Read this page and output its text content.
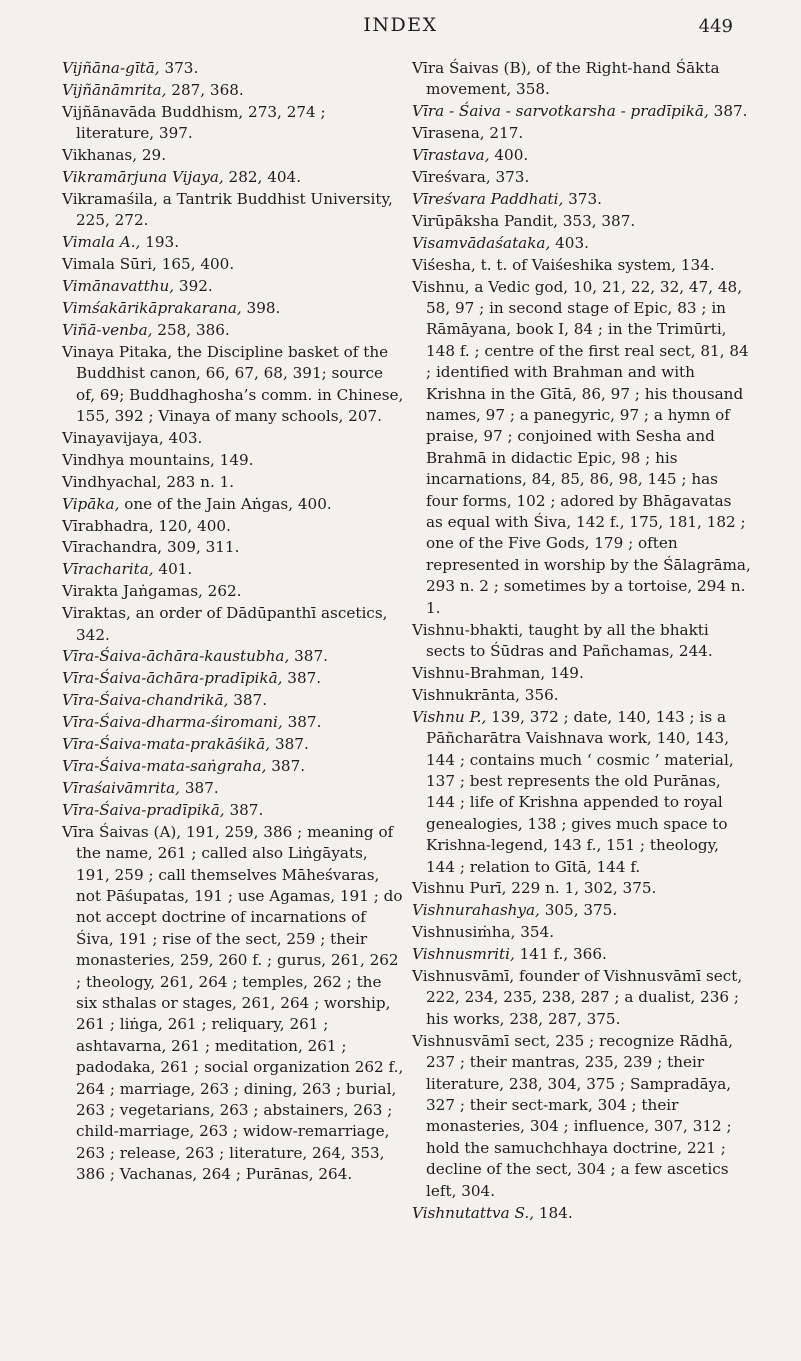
INDEX	449
Vijñāna-gītā, 373.
Vijñānāmrita, 287, 368.
Vijñānavāda Buddhism, 273, 274 ; literature, 397.
Vikhanas, 29.
Vikramārjuna Vijaya, 282, 404.
Vikramaśila, a Tantrik Buddhist University, 225, 272.
Vimala A., 193.
Vimala Sūri, 165, 400.
Vimānavatthu, 392.
Vimśakārikāprakarana, 398.
Viñā-venba, 258, 386.
Vinaya Pitaka, the Discipline basket of the Buddhist canon, 66, 67, 68, 391; source of, 69; Buddhaghosha’s comm. in Chinese, 155, 392 ; Vinaya of many schools, 207.
Vinayavijaya, 403.
Vindhya mountains, 149.
Vindhyachal, 283 n. 1.
Vipāka, one of the Jain Aṅgas, 400.
Vīrabhadra, 120, 400.
Vīrachandra, 309, 311.
Vīracharita, 401.
Virakta Jaṅgamas, 262.
Viraktas, an order of Dādūpanthī ascetics, 342.
Vīra-Śaiva-āchāra-kaustubha, 387.
Vīra-Śaiva-āchāra-pradīpikā, 387.
Vīra-Śaiva-chandrikā, 387.
Vīra-Śaiva-dharma-śiromani, 387.
Vīra-Śaiva-mata-prakāśikā, 387.
Vīra-Śaiva-mata-saṅgraha, 387.
Vīraśaivāmrita, 387.
Vīra-Śaiva-pradīpikā, 387.
Vīra Śaivas (A), 191, 259, 386 ; meaning of the name, 261 ; called also Liṅgāyats, 191, 259 ; call themselves Māheśvaras, not Pāśupatas, 191 ; use Agamas, 191 ; do not accept doctrine of incarnations of Śiva, 191 ; rise of the sect, 259 ; their monasteries, 259, 260 f. ; gurus, 261, 262 ; theology, 261, 264 ; temples, 262 ; the six sthalas or stages, 261, 264 ; worship, 261 ; liṅga, 261 ; reliquary, 261 ; ashtavarna, 261 ; meditation, 261 ; padodaka, 261 ; social organization 262 f., 264 ; marriage, 263 ; dining, 263 ; burial, 263 ; vegetarians, 263 ; abstainers, 263 ; child-marriage, 263 ; widow-remarriage, 263 ; release, 263 ; literature, 264, 353, 386 ; Vachanas, 264 ; Purānas, 264.
Vīra Śaivas (B), of the Right-hand Śākta movement, 358.
Vīra - Śaiva - sarvotkarsha - pradīpikā, 387.
Vīrasena, 217.
Vīrastava, 400.
Vīreśvara, 373.
Vīreśvara Paddhati, 373.
Virūpāksha Pandit, 353, 387.
Visamvādaśataka, 403.
Viśesha, t. t. of Vaiśeshika system, 134.
Vishnu, a Vedic god, 10, 21, 22, 32, 47, 48, 58, 97 ; in second stage of Epic, 83 ; in Rāmāyana, book I, 84 ; in the Trimūrti, 148 f. ; centre of the first real sect, 81, 84 ; identified with Brahman and with Krishna in the Gītā, 86, 97 ; his thousand names, 97 ; a panegyric, 97 ; a hymn of praise, 97 ; conjoined with Sesha and Brahmā in didactic Epic, 98 ; his incarnations, 84, 85, 86, 98, 145 ; has four forms, 102 ; adored by Bhāgavatas as equal with Śiva, 142 f., 175, 181, 182 ; one of the Five Gods, 179 ; often represented in worship by the Śālagrāma, 293 n. 2 ; sometimes by a tortoise, 294 n. 1.
Vishnu-bhakti, taught by all the bhakti sects to Śūdras and Pañchamas, 244.
Vishnu-Brahman, 149.
Vishnukrānta, 356.
Vishnu P., 139, 372 ; date, 140, 143 ; is a Pāñcharātra Vaishnava work, 140, 143, 144 ; contains much ‘ cosmic ’ material, 137 ; best represents the old Purānas, 144 ; life of Krishna appended to royal genealogies, 138 ; gives much space to Krishna-legend, 143 f., 151 ; theology, 144 ; relation to Gītā, 144 f.
Vishnu Purī, 229 n. 1, 302, 375.
Vishnurahashya, 305, 375.
Vishnusiṁha, 354.
Vishnusmriti, 141 f., 366.
Vishnusvāmī, founder of Vishnusvāmī sect, 222, 234, 235, 238, 287 ; a dualist, 236 ; his works, 238, 287, 375.
Vishnusvāmī sect, 235 ; recognize Rādhā, 237 ; their mantras, 235, 239 ; their literature, 238, 304, 375 ; Sampradāya, 327 ; their sect-mark, 304 ; their monasteries, 304 ; influence, 307, 312 ; hold the samuchchhaya doctrine, 221 ; decline of the sect, 304 ; a few ascetics left, 304.
Vishnutattva S., 184.
